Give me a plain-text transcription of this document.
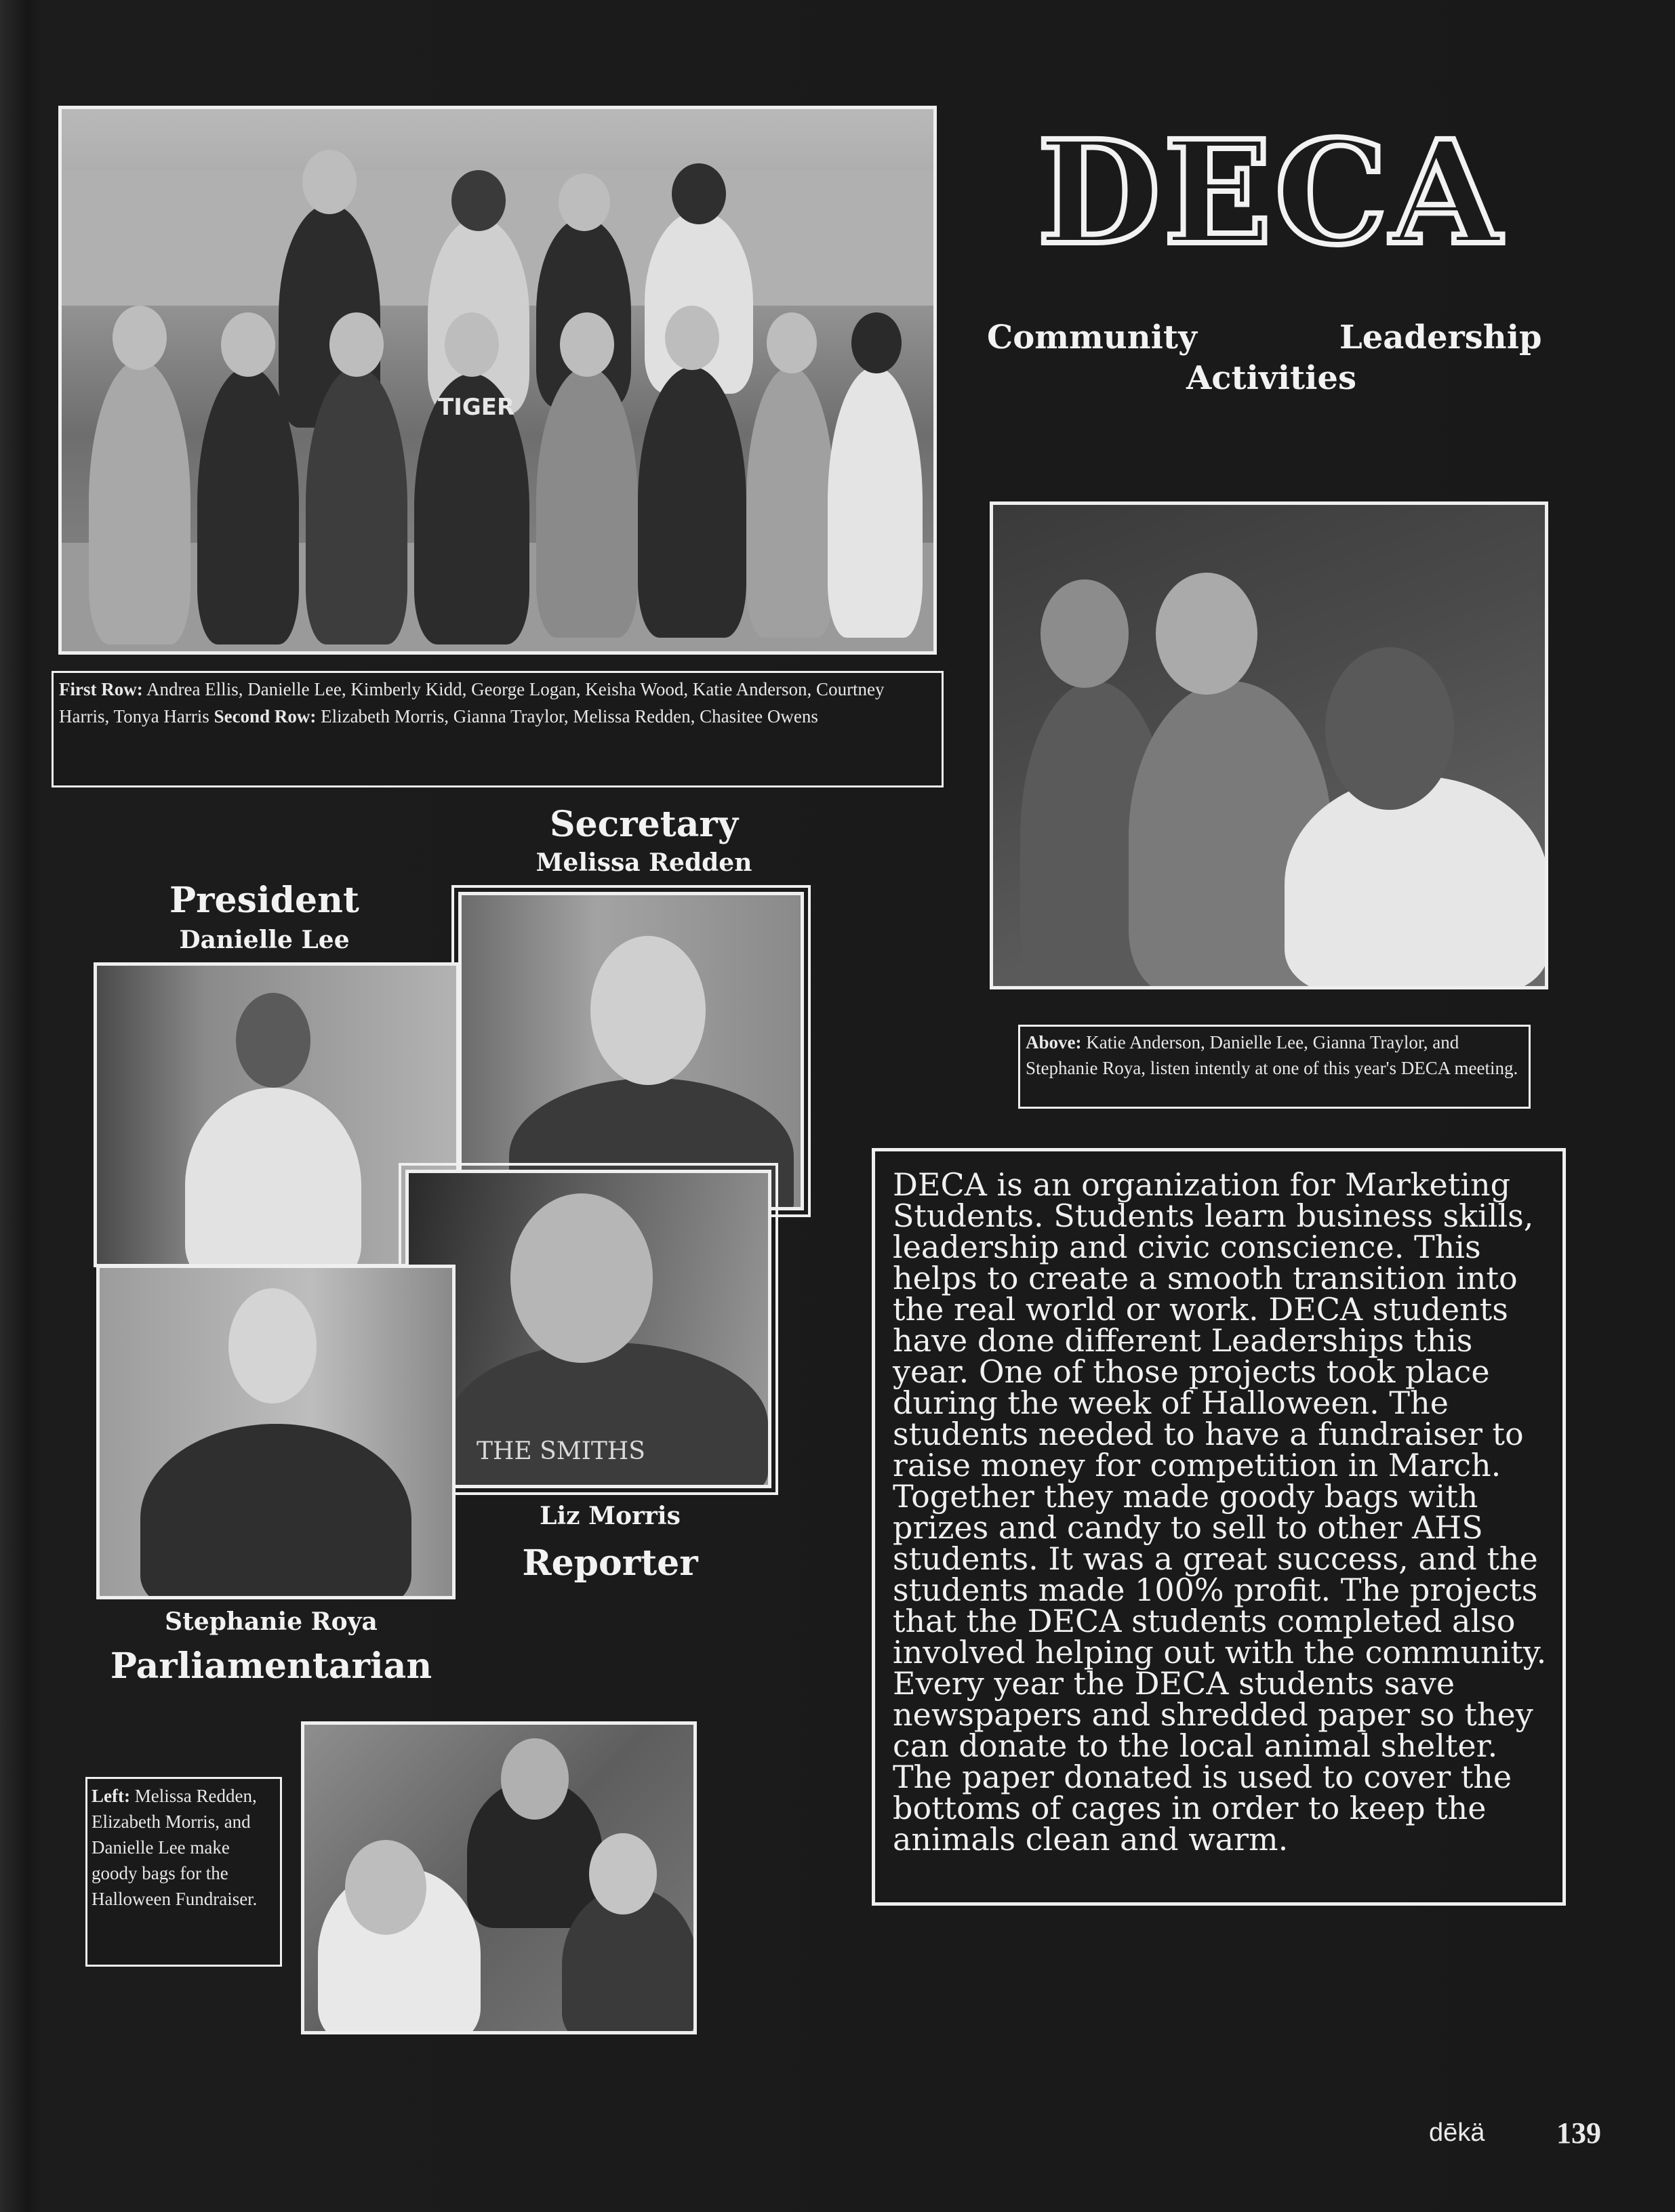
TIGER
First Row: Andrea Ellis, Danielle Lee, Kimberly Kidd, George Logan, Keisha Wood, Katie Anderson, Courtney Harris, Tonya Harris Second Row: Elizabeth Morris, Gianna Traylor, Melissa Redden, Chasitee Owens
DECA
Community	Leadership
Activities
Above: Katie Anderson, Danielle Lee, Gianna Traylor, and Stephanie Roya, listen intently at one of this year's DECA meeting.
Secretary
Melissa Redden
President
Danielle Lee
THE SMITHS
Liz Morris
Reporter
Stephanie Roya
Parliamentarian
Left: Melissa Redden, Elizabeth Morris, and Danielle Lee make goody bags for the Halloween Fundraiser.
DECA is an organization for Marketing Students. Students learn business skills, leadership and civic conscience. This helps to create a smooth transition into the real world or work. DECA students have done different Leaderships this year. One of those projects took place during the week of Halloween. The students needed to have a fundraiser to raise money for competition in March. Together they made goody bags with prizes and candy to sell to other AHS students. It was a great success, and the students made 100% profit. The projects that the DECA students completed also involved helping out with the community. Every year the DECA students save newspapers and shredded paper so they can donate to the local animal shelter. The paper donated is used to cover the bottoms of cages in order to keep the animals clean and warm.
dēkä 139
